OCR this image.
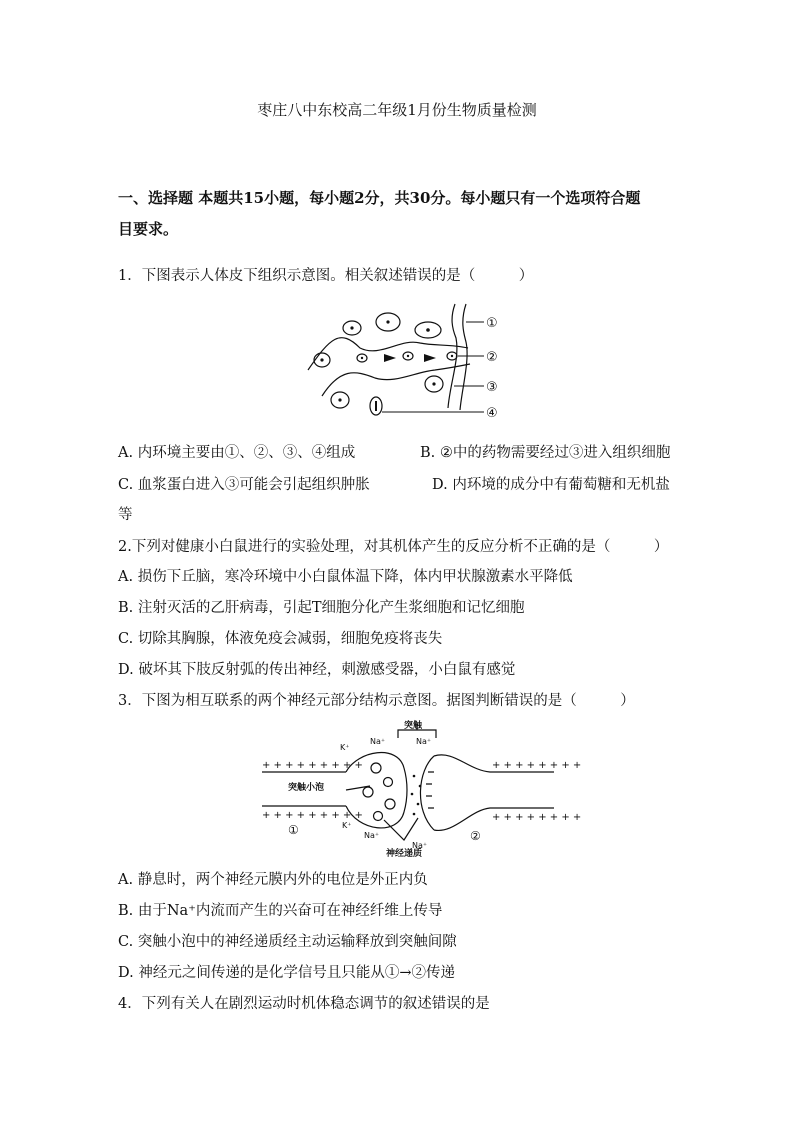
枣庄八中东校高二年级1月份生物质量检测
一、选择题 本题共15小题，每小题2分，共30分。每小题只有一个选项符合题
目要求。
1．下图表示人体皮下组织示意图。相关叙述错误的是（　　　）
①
②
③
④
A. 内环境主要由①、②、③、④组成	B. ②中的药物需要经过③进入组织细胞
C. 血浆蛋白进入③可能会引起组织肿胀	D. 内环境的成分中有葡萄糖和无机盐
等
2.下列对健康小白鼠进行的实验处理，对其机体产生的反应分析不正确的是（　　　）
A. 损伤下丘脑，寒冷环境中小白鼠体温下降，体内甲状腺激素水平降低
B. 注射灭活的乙肝病毒，引起T细胞分化产生浆细胞和记忆细胞
C. 切除其胸腺，体液免疫会减弱，细胞免疫将丧失
D. 破坏其下肢反射弧的传出神经，刺激感受器，小白鼠有感觉
3．下图为相互联系的两个神经元部分结构示意图。据图判断错误的是（　　　）
+ + + + + + + + +
+ + + + + + + + +
+ + + + + + + +
+ + + + + + + +
突触小泡
突触
神经递质
K⁺
Na⁺
K⁺
Na⁺
Na⁺
Na⁺
①	②
A. 静息时，两个神经元膜内外的电位是外正内负
B. 由于Na⁺内流而产生的兴奋可在神经纤维上传导
C. 突触小泡中的神经递质经主动运输释放到突触间隙
D. 神经元之间传递的是化学信号且只能从①→②传递
4．下列有关人在剧烈运动时机体稳态调节的叙述错误的是
